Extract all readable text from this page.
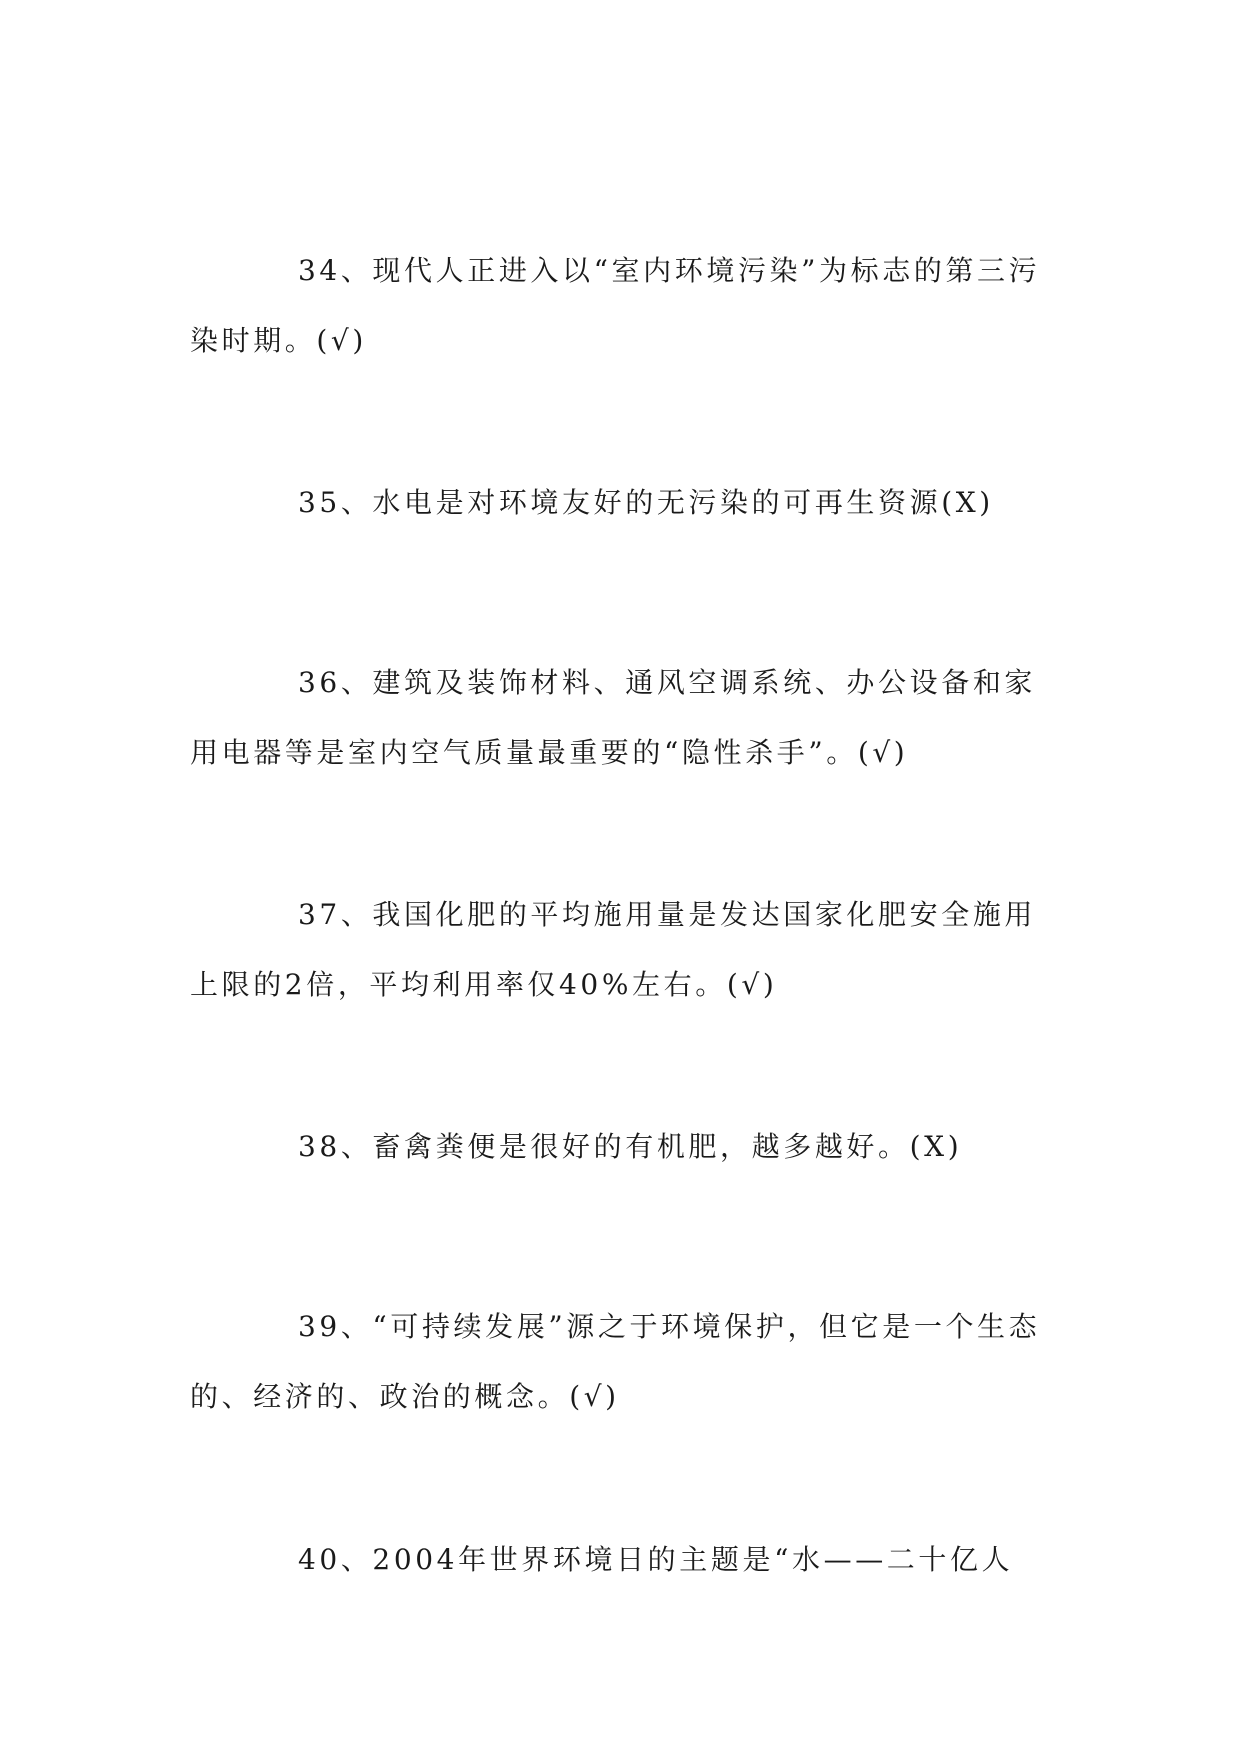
34、现代人正进入以“室内环境污染”为标志的第三污染时期。(√)

35、水电是对环境友好的无污染的可再生资源(X)

36、建筑及装饰材料、通风空调系统、办公设备和家用电器等是室内空气质量最重要的“隐性杀手”。(√)

37、我国化肥的平均施用量是发达国家化肥安全施用上限的2倍，平均利用率仅40%左右。(√)

38、畜禽粪便是很好的有机肥，越多越好。(X)

39、“可持续发展”源之于环境保护，但它是一个生态的、经济的、政治的概念。(√)

40、2004年世界环境日的主题是“水——二十亿人
